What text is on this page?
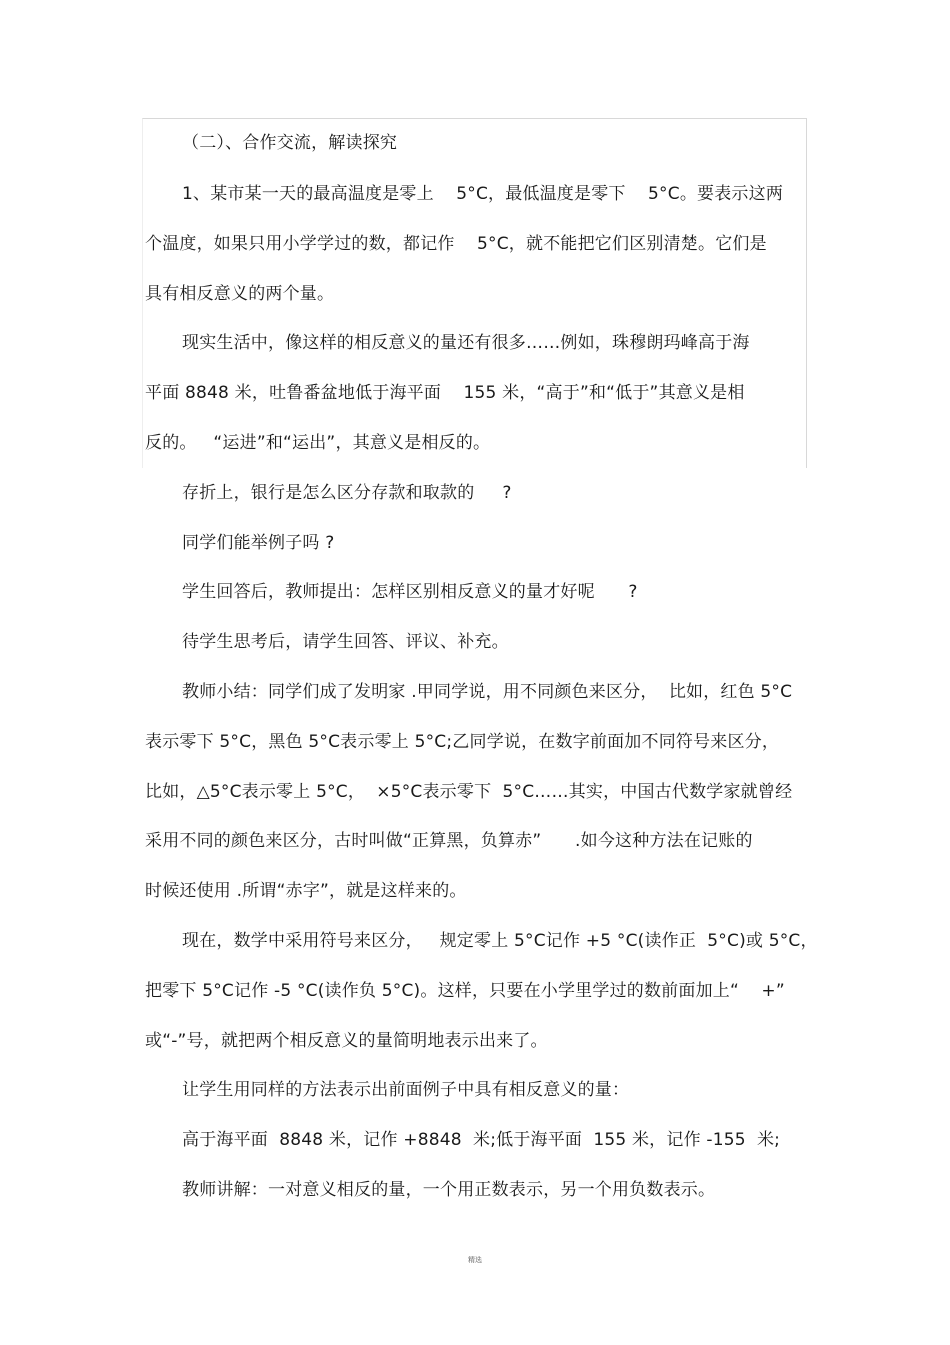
（二）、合作交流，解读探究
1、某市某一天的最高温度是零上    5°C，最低温度是零下    5°C。要表示这两
个温度，如果只用小学学过的数，都记作    5°C，就不能把它们区别清楚。它们是
具有相反意义的两个量。
现实生活中，像这样的相反意义的量还有很多……例如，珠穆朗玛峰高于海
平面 8848 米，吐鲁番盆地低于海平面    155 米，“高于”和“低于”其意义是相
反的。   “运进”和“运出”，其意义是相反的。
存折上，银行是怎么区分存款和取款的     ?
同学们能举例子吗 ?
学生回答后，教师提出：怎样区别相反意义的量才好呢      ?
待学生思考后，请学生回答、评议、补充。
教师小结：同学们成了发明家 .甲同学说，用不同颜色来区分，  比如，红色 5°C
表示零下 5°C，黑色 5°C表示零上 5°C;乙同学说，在数字前面加不同符号来区分，
比如，△5°C表示零上 5°C，  ×5°C表示零下  5°C……其实，中国古代数学家就曾经
采用不同的颜色来区分，古时叫做“正算黑，负算赤”      .如今这种方法在记账的
时候还使用 .所谓“赤字”，就是这样来的。
现在，数学中采用符号来区分，   规定零上 5°C记作 +5 °C(读作正  5°C)或 5°C，
把零下 5°C记作 -5 °C(读作负 5°C)。这样，只要在小学里学过的数前面加上“    +”
或“-”号，就把两个相反意义的量简明地表示出来了。
让学生用同样的方法表示出前面例子中具有相反意义的量：
高于海平面  8848 米，记作 +8848  米;低于海平面  155 米，记作 -155  米;
教师讲解：一对意义相反的量，一个用正数表示，另一个用负数表示。
精选
